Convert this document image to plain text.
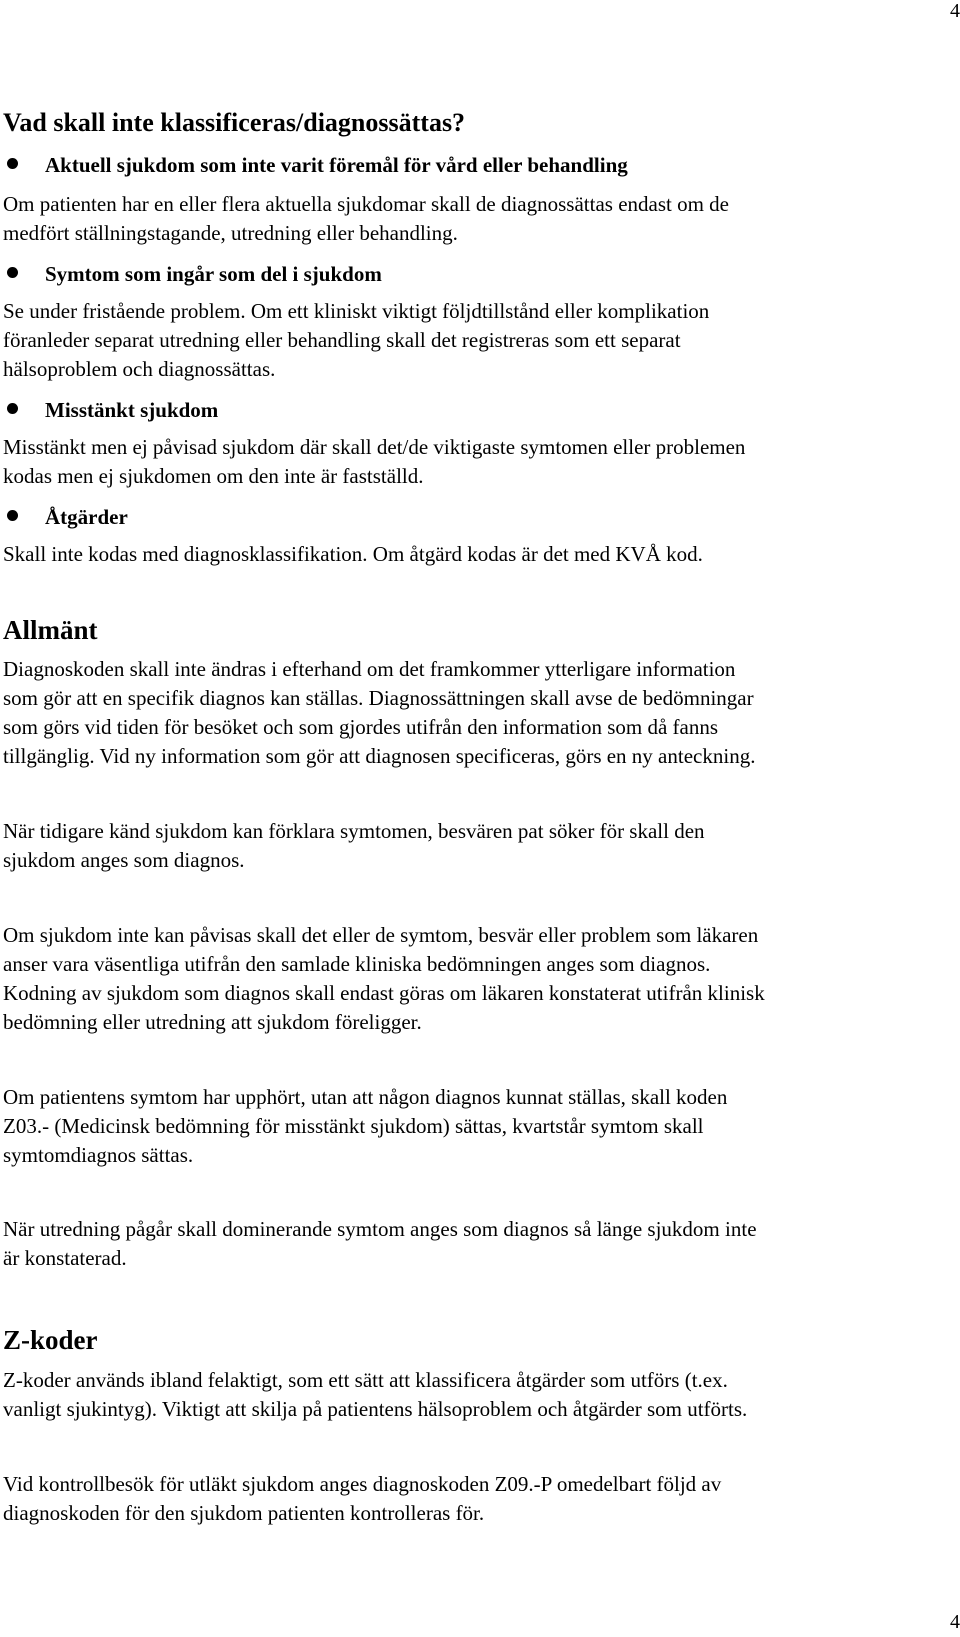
4
Vad skall inte klassificeras/diagnossättas?
Aktuell sjukdom som inte varit föremål för vård eller behandling

Om patienten har en eller flera aktuella sjukdomar skall de diagnossättas endast om de

medfört ställningstagande, utredning eller behandling.

Symtom som ingår som del i sjukdom

Se under fristående problem. Om ett kliniskt viktigt följdtillstånd eller komplikation

föranleder separat utredning eller behandling skall det registreras som ett separat

hälsoproblem och diagnossättas.

Misstänkt sjukdom

Misstänkt men ej påvisad sjukdom där skall det/de viktigaste symtomen eller problemen

kodas men ej sjukdomen om den inte är fastställd.

Åtgärder

Skall inte kodas med diagnosklassifikation. Om åtgärd kodas är det med KVÅ kod.

Allmänt

Diagnoskoden skall inte ändras i efterhand om det framkommer ytterligare information

som gör att en specifik diagnos kan ställas. Diagnossättningen skall avse de bedömningar

som görs vid tiden för besöket och som gjordes utifrån den information som då fanns

tillgänglig. Vid ny information som gör att diagnosen specificeras, görs en ny anteckning.

När tidigare känd sjukdom kan förklara symtomen, besvären pat söker för skall den

sjukdom anges som diagnos.

Om sjukdom inte kan påvisas skall det eller de symtom, besvär eller problem som läkaren

anser vara väsentliga utifrån den samlade kliniska bedömningen anges som diagnos.

Kodning av sjukdom som diagnos skall endast göras om läkaren konstaterat utifrån klinisk

bedömning eller utredning att sjukdom föreligger.

Om patientens symtom har upphört, utan att någon diagnos kunnat ställas, skall koden

Z03.- (Medicinsk bedömning för misstänkt sjukdom) sättas, kvartstår symtom skall

symtomdiagnos sättas.

När utredning pågår skall dominerande symtom anges som diagnos så länge sjukdom inte

är konstaterad.

Z-koder

Z-koder används ibland felaktigt, som ett sätt att klassificera åtgärder som utförs (t.ex.

vanligt sjukintyg). Viktigt att skilja på patientens hälsoproblem och åtgärder som utförts.

Vid kontrollbesök för utläkt sjukdom anges diagnoskoden Z09.-P omedelbart följd av

diagnoskoden för den sjukdom patienten kontrolleras för.

4
